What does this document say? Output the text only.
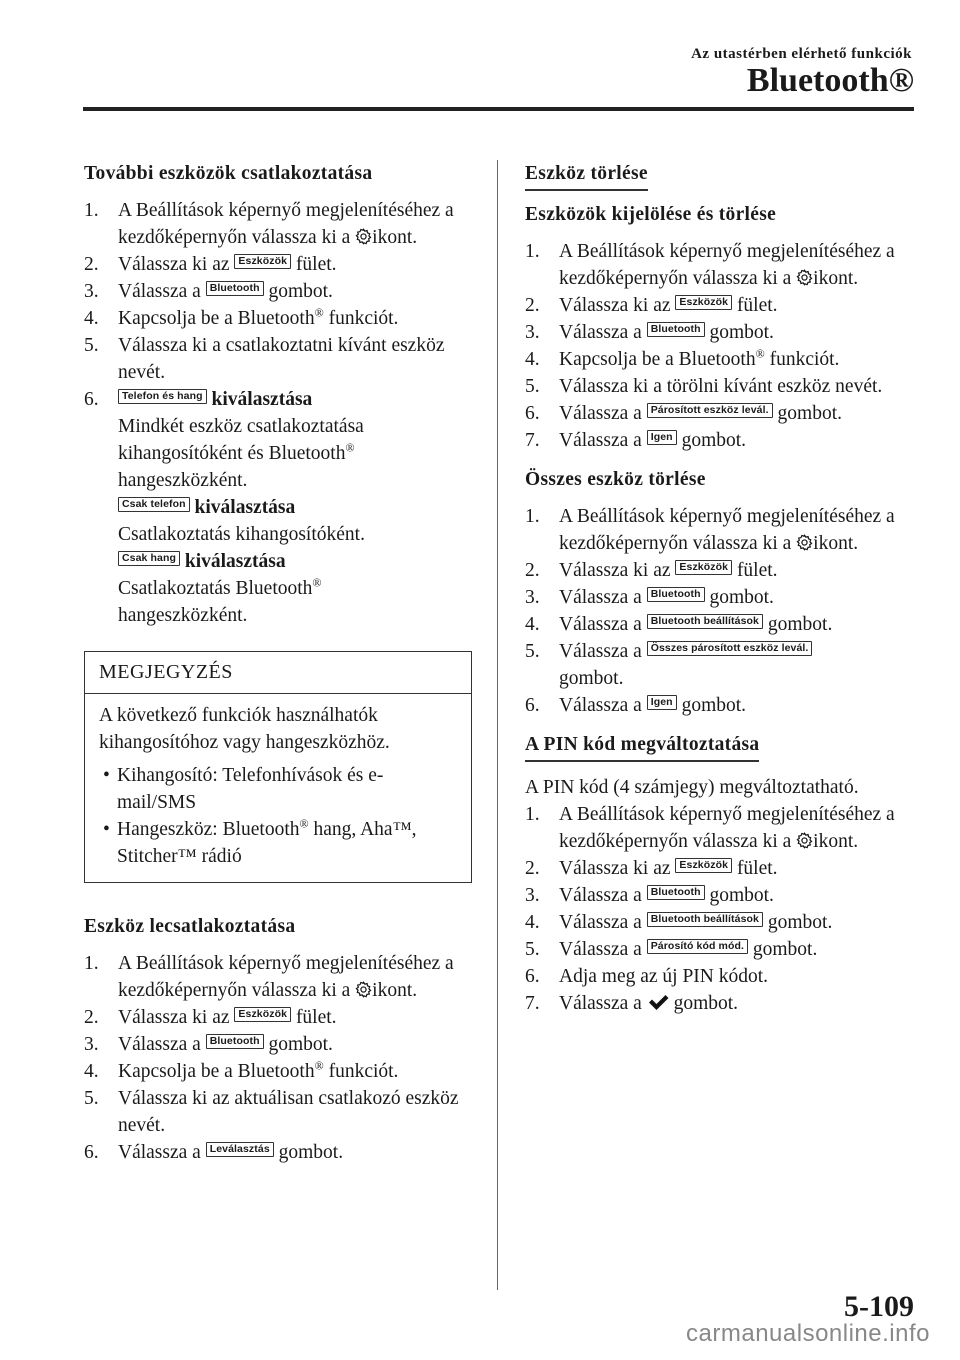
Az utastérben elérhető funkciók
Bluetooth®
További eszközök csatlakoztatása
1. A Beállítások képernyő megjelenítéséhez a kezdőképernyőn válassza ki a ikont.
2. Válassza ki az Eszközök fület.
3. Válassza a Bluetooth gombot.
4. Kapcsolja be a Bluetooth® funkciót.
5. Válassza ki a csatlakoztatni kívánt eszköz nevét.
6. Telefon és hang kiválasztása
Mindkét eszköz csatlakoztatása kihangosítóként és Bluetooth® hangeszközként.
Csak telefon kiválasztása
Csatlakoztatás kihangosítóként.
Csak hang kiválasztása
Csatlakoztatás Bluetooth®
hangeszközként.
MEGJEGYZÉS
A következő funkciók használhatók kihangosítóhoz vagy hangeszközhöz.
• Kihangosító: Telefonhívások és e-mail/SMS
• Hangeszköz: Bluetooth® hang, Aha™, Stitcher™ rádió
Eszköz lecsatlakoztatása
1. A Beállítások képernyő megjelenítéséhez a kezdőképernyőn válassza ki a ikont.
2. Válassza ki az Eszközök fület.
3. Válassza a Bluetooth gombot.
4. Kapcsolja be a Bluetooth® funkciót.
5. Válassza ki az aktuálisan csatlakozó eszköz nevét.
6. Válassza a Leválasztás gombot.
Eszköz törlése
Eszközök kijelölése és törlése
1. A Beállítások képernyő megjelenítéséhez a kezdőképernyőn válassza ki a ikont.
2. Válassza ki az Eszközök fület.
3. Válassza a Bluetooth gombot.
4. Kapcsolja be a Bluetooth® funkciót.
5. Válassza ki a törölni kívánt eszköz nevét.
6. Válassza a Párosított eszköz levál. gombot.
7. Válassza a Igen gombot.
Összes eszköz törlése
1. A Beállítások képernyő megjelenítéséhez a kezdőképernyőn válassza ki a ikont.
2. Válassza ki az Eszközök fület.
3. Válassza a Bluetooth gombot.
4. Válassza a Bluetooth beállítások gombot.
5. Válassza a Összes párosított eszköz levál.
gombot.
6. Válassza a Igen gombot.
A PIN kód megváltoztatása
A PIN kód (4 számjegy) megváltoztatható.
1. A Beállítások képernyő megjelenítéséhez a kezdőképernyőn válassza ki a ikont.
2. Válassza ki az Eszközök fület.
3. Válassza a Bluetooth gombot.
4. Válassza a Bluetooth beállítások gombot.
5. Válassza a Párosító kód mód. gombot.
6. Adja meg az új PIN kódot.
7. Válassza a gombot.
5-109
carmanualsonline.info
